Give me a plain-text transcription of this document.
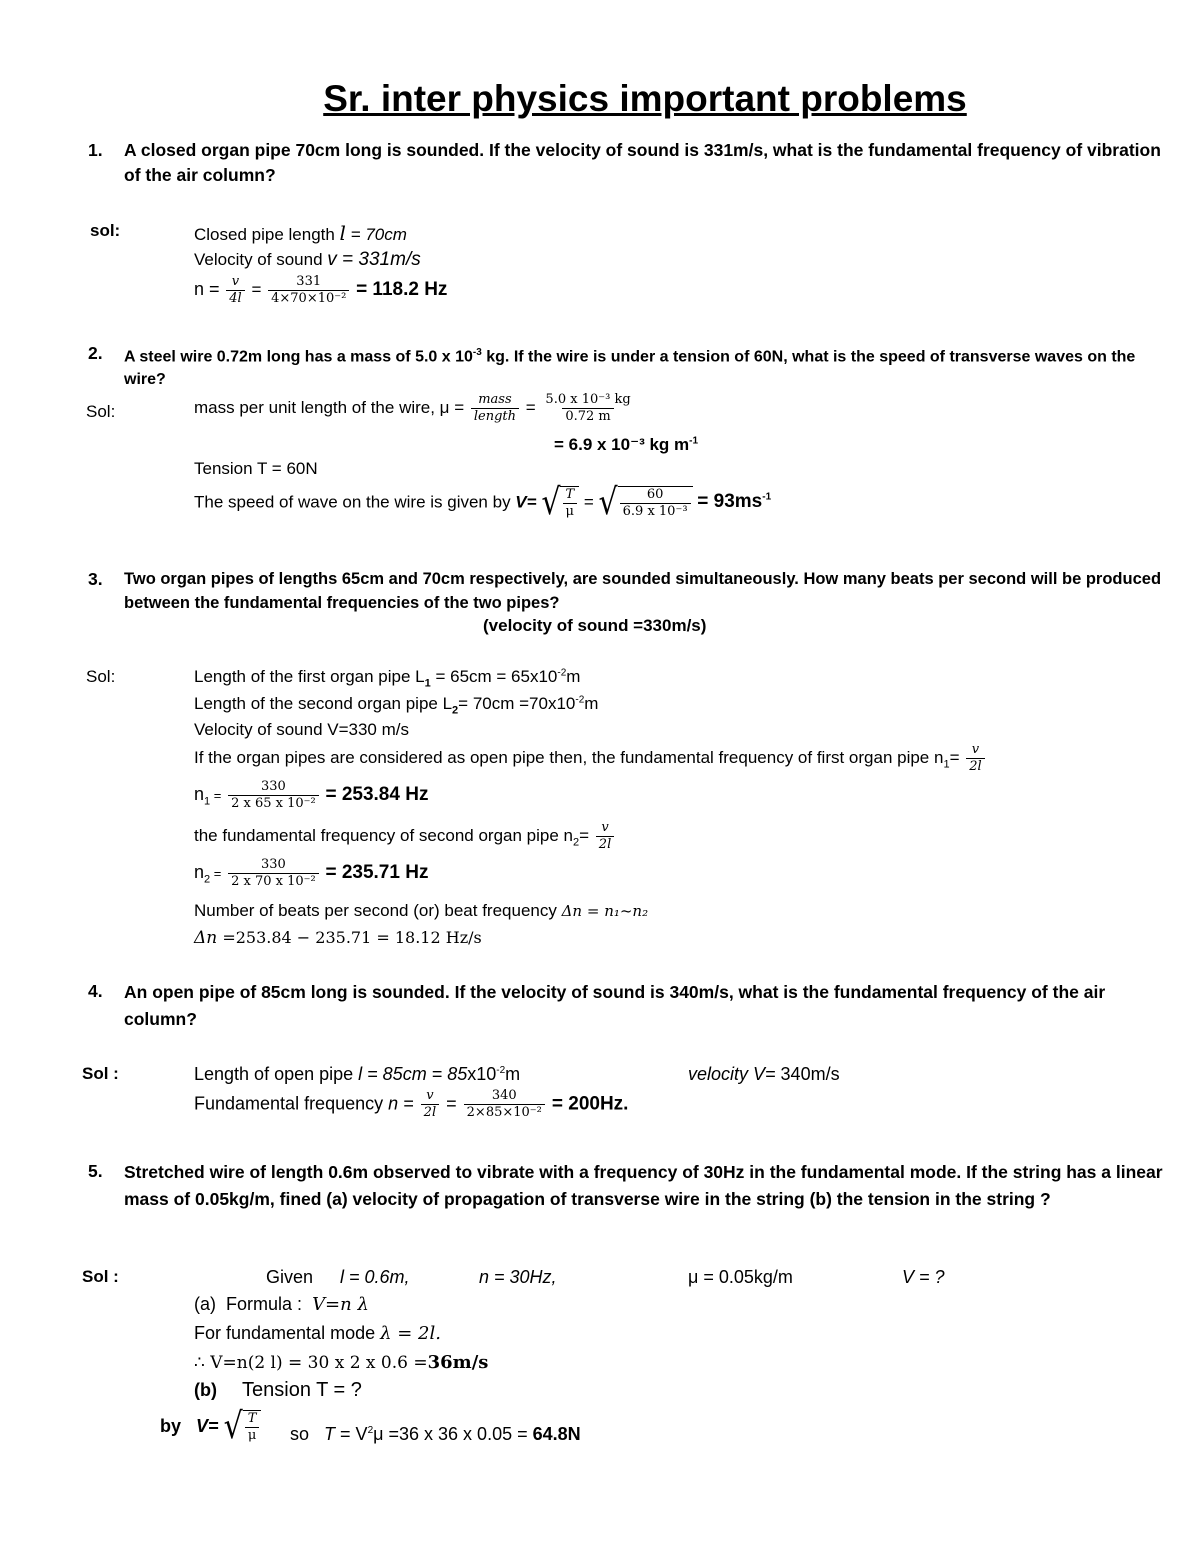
Sr. inter physics important problems
1.	A closed organ pipe 70cm long is sounded. If the velocity of sound is 331m/s, what is the fundamental frequency of vibration of the air column?
sol:	Closed pipe length l = 70cm
Velocity of sound v = 331m/s
$n = \frac{v}{4l} = \frac{331}{\text{4×70×10⁻²}} = 118.2$ Hz
2.	A steel wire 0.72m long has a mass of 5.0 x $10^{-3}$ kg. If the wire is under a tension of 60N, what is the speed of transverse waves on the wire?
Sol:	mass per unit length of the wire, $\mu = \frac{\text{mass}}{\text{length}} = \frac{\text{5.0 x 10⁻³ kg}}{0.72 m}$
= 6.9 x 10⁻³ kg $m^{-1}$
Tension T = 60N
The speed of wave on the wire is given by V= √ $\frac{T}{\mu}$ = √ $\frac{60}{\text{6.9 x 10⁻³}} = 93ms^{-1}$
3.	Two organ pipes of lengths 65cm and 70cm respectively, are sounded simultaneously. How many beats per second will be produced between the fundamental frequencies of the two pipes?
(velocity of sound =330m/s)
Sol:	Length of the first organ pipe $L_1 = 65cm = 65x10^{-2}m$
Length of the second organ pipe $L_2= 70cm =70x10^{-2}m$
Velocity of sound V=330 m/s
If the organ pipes are considered as open pipe then, the fundamental frequency of first organ pipe $n_1= \frac{v}{2l}$
$n_1 = \frac{330}{\text{2 x 65 x 10⁻²}} = 253.84$ Hz
the fundamental frequency of second organ pipe $n_2= \frac{v}{2l}$
$n_2 = \frac{330}{\text{2 x 70 x 10⁻²}} = 235.71$ Hz
Number of beats per second (or) beat frequency Δn = n₁~n₂
Δn =253.84 − 235.71 = 18.12 Hz/s
4.	An open pipe of 85cm long is sounded. If the velocity of sound is 340m/s, what is the fundamental frequency of the air column?
Sol :	Length of open pipe $l = 85cm = 85x10^{-2}m$	velocity V= 340m/s
Fundamental frequency $n = \frac{v}{2l} = \frac{340}{\text{2×85×10⁻²}} = 200Hz$.
5.	Stretched wire of length 0.6m observed to vibrate with a frequency of 30Hz in the fundamental mode. If the string has a linear mass of 0.05kg/m, fined (a) velocity of propagation of transverse wire in the string (b) the tension in the string ?
Sol :	Given l = 0.6m,	n = 30Hz,	μ = 0.05kg/m	V = ?
(a) Formula :  V=n λ
For fundamental mode λ = 2l.
∴ V=n(2 l) = 30 x 2 x 0.6 =36m/s
(b) Tension T = ?
by V= √ $\frac{T}{\mu}$ so $T = V^2\mu =36$ x 36 x 0.05 = 64.8N
